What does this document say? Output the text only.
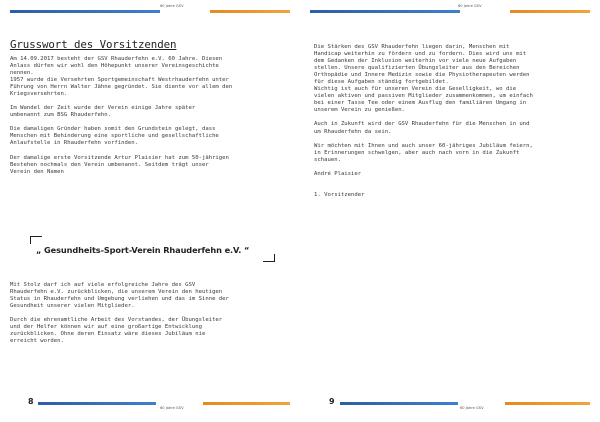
60 Jahre GSV
Grusswort des Vorsitzenden

Am 14.09.2017 besteht der GSV Rhauderfehn e.V. 60 Jahre. Diesen
Anlass dürfen wir wohl den Höhepunkt unserer Vereinsgeschichte
nennen.
1957 wurde die Versehrten Sportgemeinschaft Westrhauderfehn unter
Führung von Herrn Walter Jähne gegründet. Sie diente vor allem den
Kriegsversehrten.

Im Wandel der Zeit wurde der Verein einige Jahre später
umbenannt zum BSG Rhauderfehn.

Die damaligen Gründer haben somit den Grundstein gelegt, dass
Menschen mit Behinderung eine sportliche und gesellschaftliche
Anlaufstelle in Rhauderfehn vorfinden.

Der damalige erste Vorsitzende Artur Plaisier hat zum 50-jährigen
Bestehen nochmals den Verein umbenannt. Seitdem trägt unser
Verein den Namen

„ Gesundheits-Sport-Verein Rhauderfehn e.V. “

Mit Stolz darf ich auf viele erfolgreiche Jahre des GSV
Rhauderfehn e.V. zurückblicken, die unserem Verein den heutigen
Status in Rhauderfehn und Umgebung verliehen und das im Sinne der
Gesundheit unserer vielen Mitglieder.

Durch die ehrenamtliche Arbeit des Vorstandes, der Übungsleiter
und der Helfer können wir auf eine großartige Entwicklung
zurückblicken. Ohne deren Einsatz wäre dieses Jubiläum nie
erreicht worden.

8
60 Jahre GSV
60 Jahre GSV

Die Stärken des GSV Rhauderfehn liegen darin, Menschen mit
Handicap weiterhin zu fördern und zu fordern. Dies wird uns mit
dem Gedanken der Inklusion weiterhin vor viele neue Aufgaben
stellen. Unsere qualifizierten Übungsleiter aus den Bereichen
Orthopädie und Innere Medizin sowie die Physiotherapeuten werden
für diese Aufgaben ständig fortgebildet.
Wichtig ist auch für unseren Verein die Geselligkeit, wo die
vielen aktiven und passiven Mitglieder zusammenkommen, um einfach
bei einer Tasse Tee oder einem Ausflug den familiären Umgang in
unserem Verein zu genießen.

Auch in Zukunft wird der GSV Rhauderfehn für die Menschen in und
um Rhauderfehn da sein.

Wir möchten mit Ihnen und auch unser 60-jähriges Jubiläum feiern,
in Erinnerungen schwelgen, aber auch nach vorn in die Zukunft
schauen.

André Plaisier

1. Vorsitzender

9
60 Jahre GSV
